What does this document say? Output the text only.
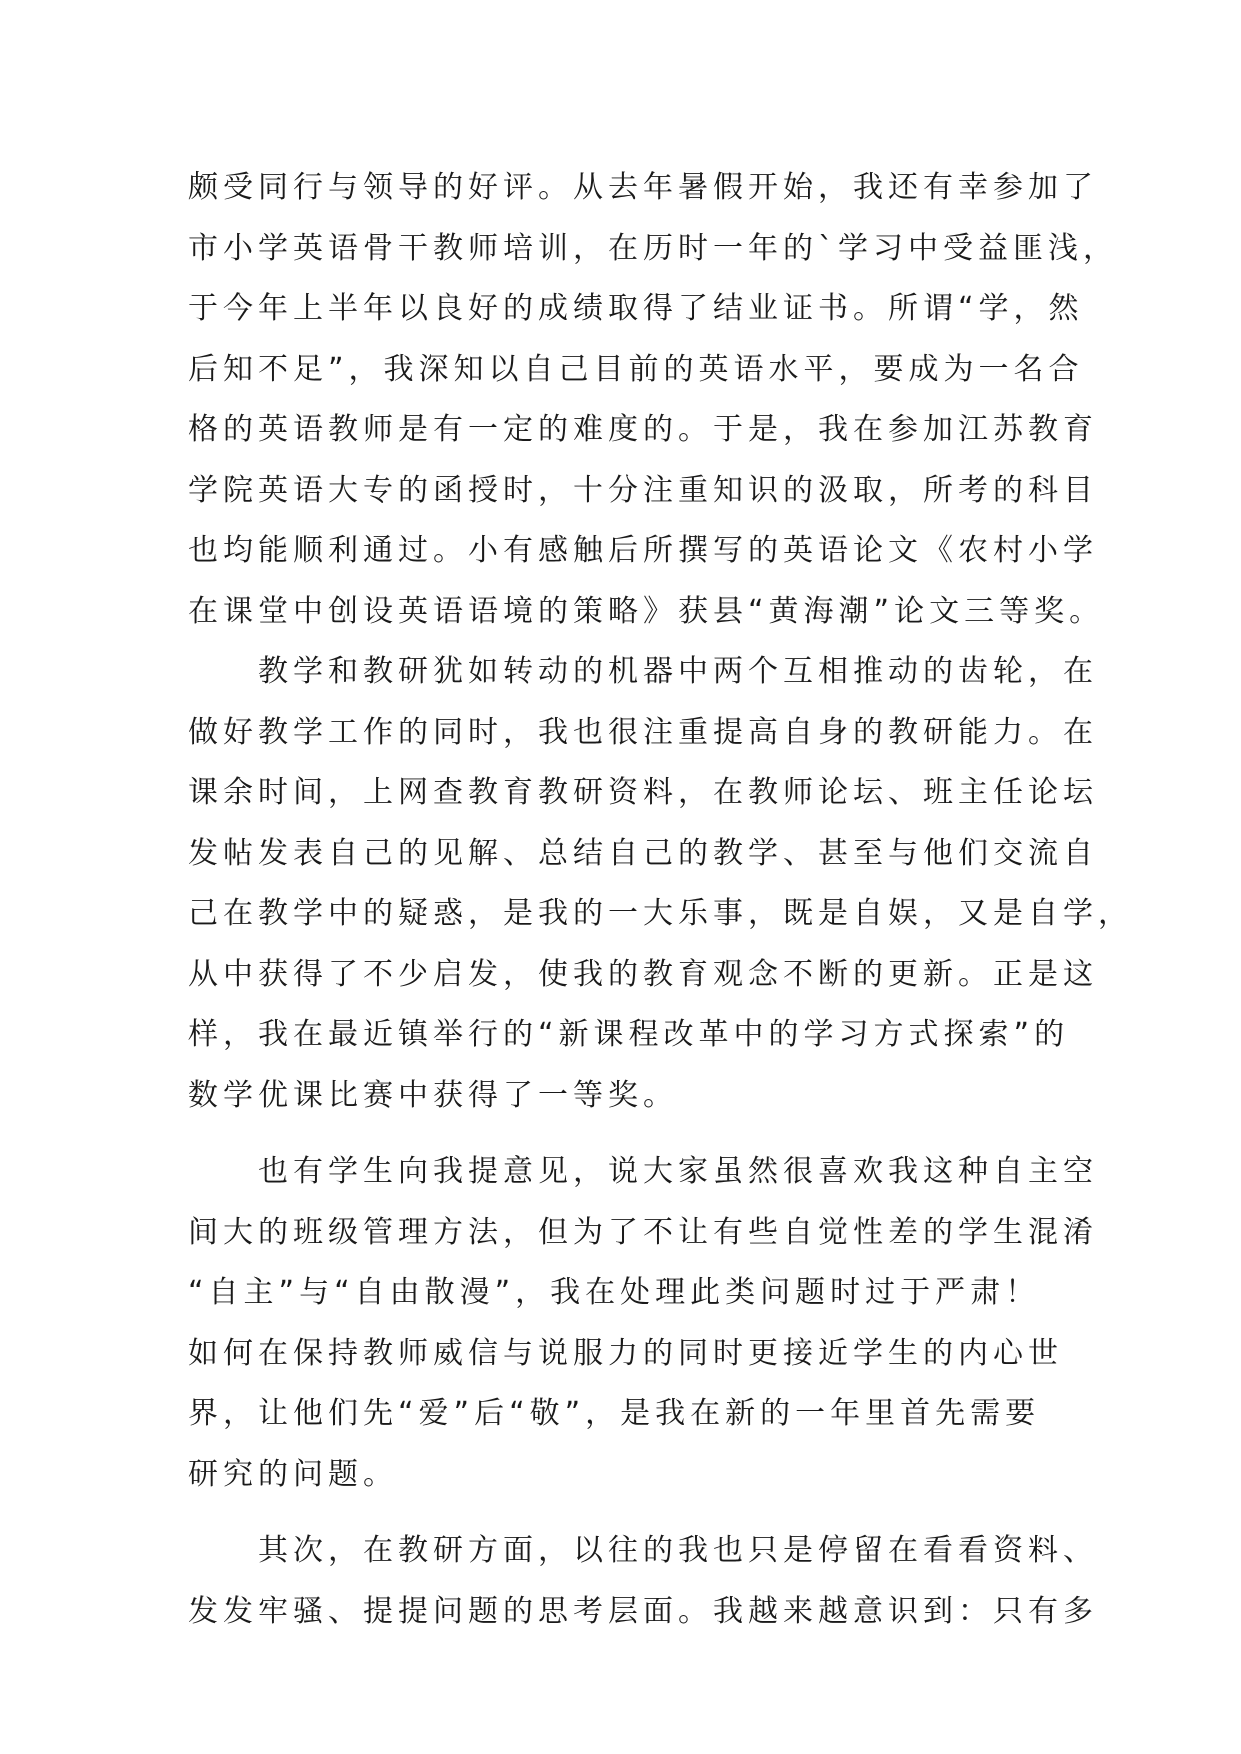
颇受同行与领导的好评。从去年暑假开始，我还有幸参加了
市小学英语骨干教师培训，在历时一年的`学习中受益匪浅，
于今年上半年以良好的成绩取得了结业证书。所谓“学，然
后知不足”，我深知以自己目前的英语水平，要成为一名合
格的英语教师是有一定的难度的。于是，我在参加江苏教育
学院英语大专的函授时，十分注重知识的汲取，所考的科目
也均能顺利通过。小有感触后所撰写的英语论文《农村小学
在课堂中创设英语语境的策略》获县“黄海潮”论文三等奖。
教学和教研犹如转动的机器中两个互相推动的齿轮，在
做好教学工作的同时，我也很注重提高自身的教研能力。在
课余时间，上网查教育教研资料，在教师论坛、班主任论坛
发帖发表自己的见解、总结自己的教学、甚至与他们交流自
己在教学中的疑惑，是我的一大乐事，既是自娱，又是自学，
从中获得了不少启发，使我的教育观念不断的更新。正是这
样，我在最近镇举行的“新课程改革中的学习方式探索”的
数学优课比赛中获得了一等奖。
也有学生向我提意见，说大家虽然很喜欢我这种自主空
间大的班级管理方法，但为了不让有些自觉性差的学生混淆
“自主”与“自由散漫”，我在处理此类问题时过于严肃！
如何在保持教师威信与说服力的同时更接近学生的内心世
界，让他们先“爱”后“敬”，是我在新的一年里首先需要
研究的问题。
其次，在教研方面，以往的我也只是停留在看看资料、
发发牢骚、提提问题的思考层面。我越来越意识到：只有多
